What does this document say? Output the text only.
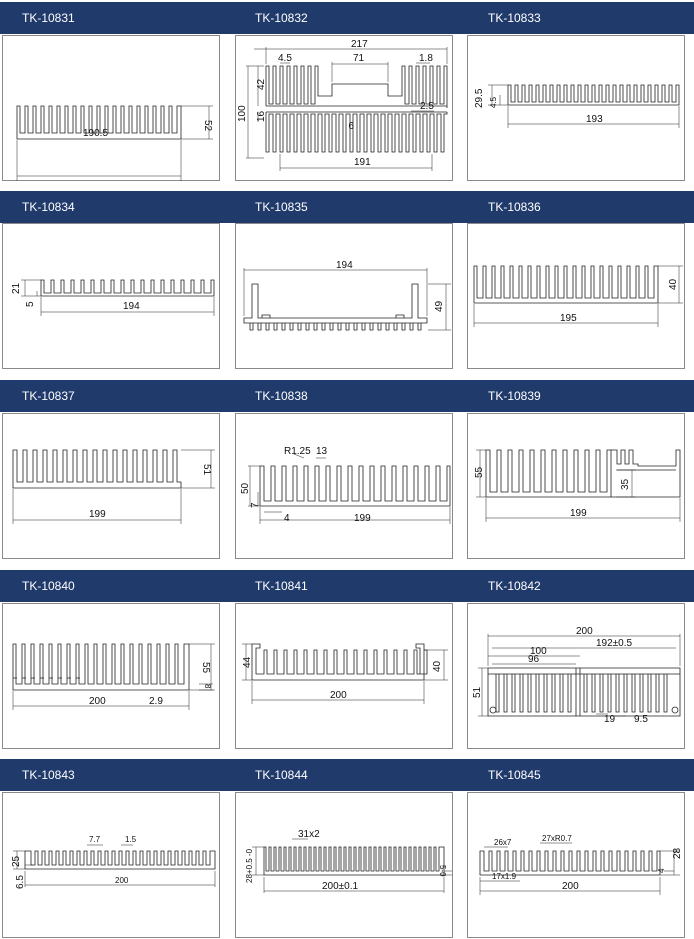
TK-10831	TK-10832	TK-10833
52
190.5
217
4.5	71	1.8
42
100 16
9
2.5
191
29.5 4.5
193
TK-10834	TK-10835	TK-10836
21
5	194
194
49
40
195
TK-10837	TK-10838	TK-10839
51
199
R1.25 13
50
7
4	199
55
35
199
TK-10840	TK-10841	TK-10842
55
200	2.9
8
44	40
200
200
192±0.5
100
96
51
19 9.5
TK-10843	TK-10844	TK-10845
7.7	1.5
25
6.5	200
31x2
28+0.5 -0	5-0
200±0.1
26x7	27xR0.7
28
4
17x1.9
200
